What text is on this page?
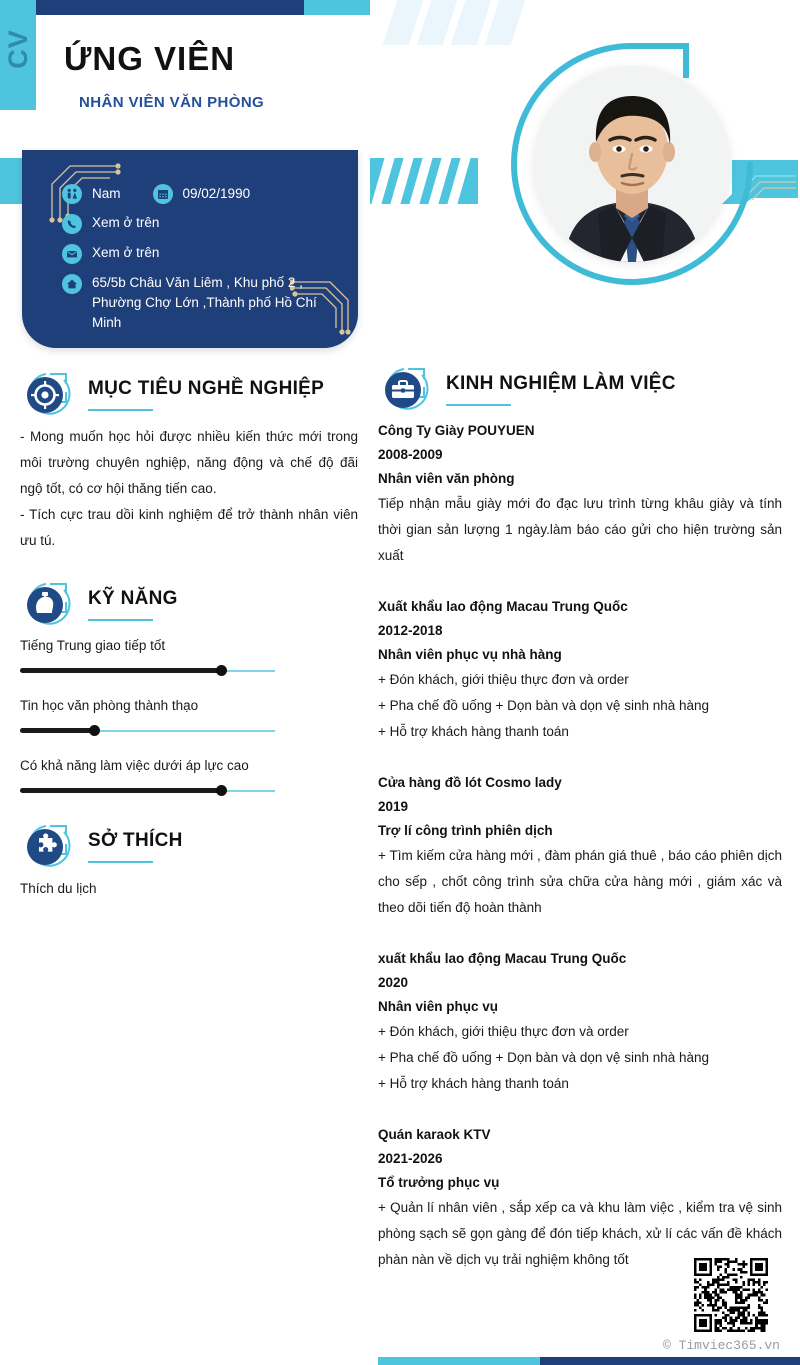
CV ỨNG VIÊN
NHÂN VIÊN VĂN PHÒNG
Nam	09/02/1990
Xem ở trên
Xem ở trên
65/5b Châu Văn Liêm , Khu phố 2 , Phường Chợ Lớn ,Thành phố Hồ Chí Minh
MỤC TIÊU NGHỀ NGHIỆP

- Mong muốn học hỏi được nhiều kiến thức mới trong môi trường chuyên nghiệp, năng động và chế độ đãi ngộ tốt, có cơ hội thăng tiến cao.

- Tích cực trau dồi kinh nghiệm để trở thành nhân viên ưu tú.

KỸ NĂNG
Tiếng Trung giao tiếp tốt
Tin học văn phòng thành thạo
Có khả năng làm việc dưới áp lực cao
SỞ THÍCH
Thích du lịch
KINH NGHIỆM LÀM VIỆC
Công Ty Giày POUYUEN
2008-2009
Nhân viên văn phòng
Tiếp nhận mẫu giày mới đo đạc lưu trình từng khâu giày và tính thời gian sản lượng 1 ngày.làm báo cáo gửi cho hiện trường sản xuất
Xuất khẩu lao động Macau Trung Quốc
2012-2018
Nhân viên phục vụ nhà hàng
+ Đón khách, giới thiệu thực đơn và order
+ Pha chế đồ uống + Dọn bàn và dọn vệ sinh nhà hàng
+ Hỗ trợ khách hàng thanh toán
Cửa hàng đồ lót Cosmo lady
2019
Trợ lí công trình phiên dịch
+ Tìm kiếm cửa hàng mới , đàm phán giá thuê , báo cáo phiên dịch cho sếp , chốt công trình sửa chữa cửa hàng mới , giám xác và theo dõi tiến độ hoàn thành
xuất khẩu lao động Macau Trung Quốc
2020
Nhân viên phục vụ
+ Đón khách, giới thiệu thực đơn và order
+ Pha chế đồ uống + Dọn bàn và dọn vệ sinh nhà hàng
+ Hỗ trợ khách hàng thanh toán
Quán karaok KTV
2021-2026
Tổ trưởng phục vụ
+ Quản lí nhân viên , sắp xếp ca và khu làm việc , kiểm tra vệ sinh phòng sạch sẽ gọn gàng để đón tiếp khách, xử lí các vấn đề khách phàn nàn về dịch vụ trải nghiệm không tốt
© Timviec365.vn
